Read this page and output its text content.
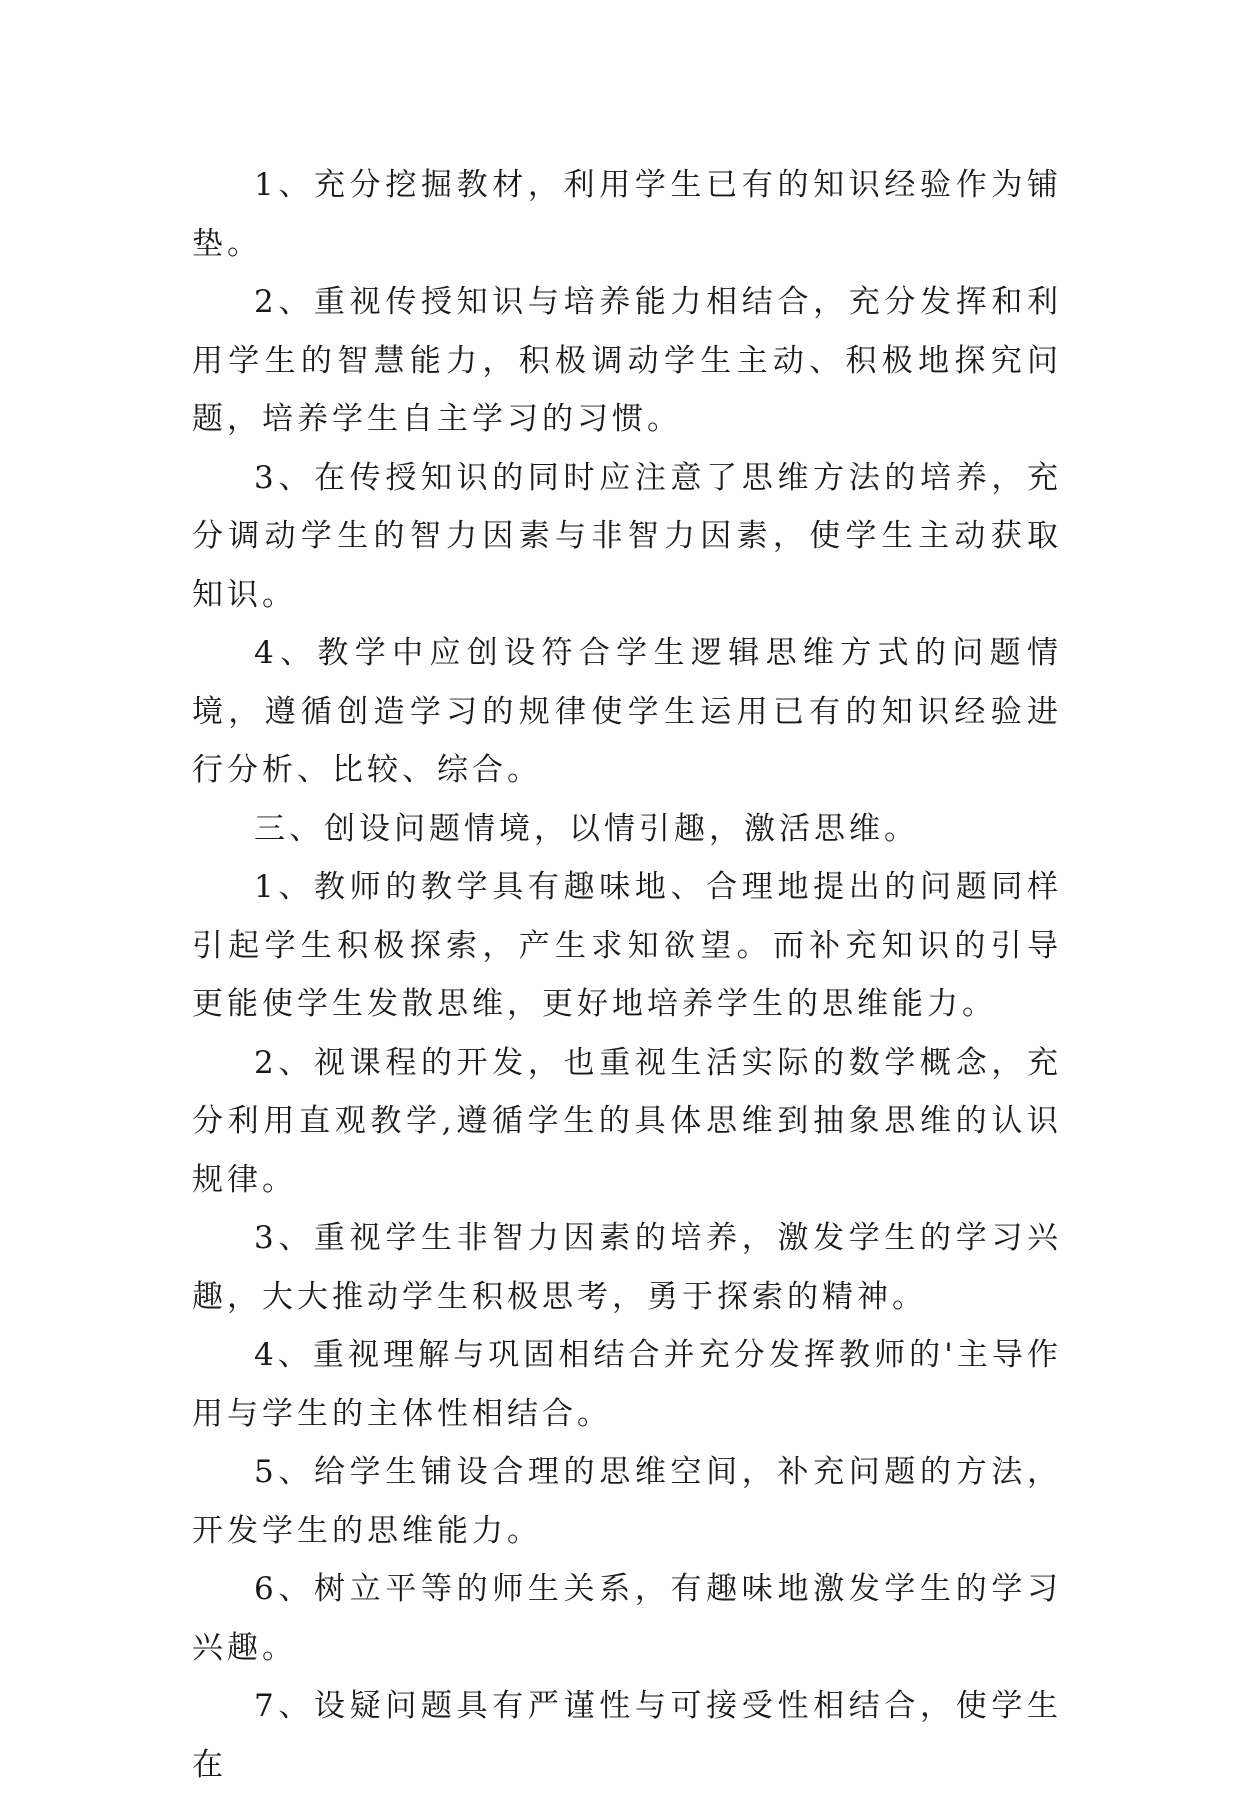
1、充分挖掘教材，利用学生已有的知识经验作为铺垫。

2、重视传授知识与培养能力相结合，充分发挥和利用学生的智慧能力，积极调动学生主动、积极地探究问题，培养学生自主学习的习惯。

3、在传授知识的同时应注意了思维方法的培养，充分调动学生的智力因素与非智力因素，使学生主动获取知识。

4、教学中应创设符合学生逻辑思维方式的问题情境，遵循创造学习的规律使学生运用已有的知识经验进行分析、比较、综合。

三、创设问题情境，以情引趣，激活思维。

1、教师的教学具有趣味地、合理地提出的问题同样引起学生积极探索，产生求知欲望。而补充知识的引导更能使学生发散思维，更好地培养学生的思维能力。

2、视课程的开发，也重视生活实际的数学概念，充分利用直观教学,遵循学生的具体思维到抽象思维的认识规律。

3、重视学生非智力因素的培养，激发学生的学习兴趣，大大推动学生积极思考，勇于探索的精神。

4、重视理解与巩固相结合并充分发挥教师的'主导作用与学生的主体性相结合。

5、给学生铺设合理的思维空间，补充问题的方法，开发学生的思维能力。

6、树立平等的师生关系，有趣味地激发学生的学习兴趣。

7、设疑问题具有严谨性与可接受性相结合，使学生在
